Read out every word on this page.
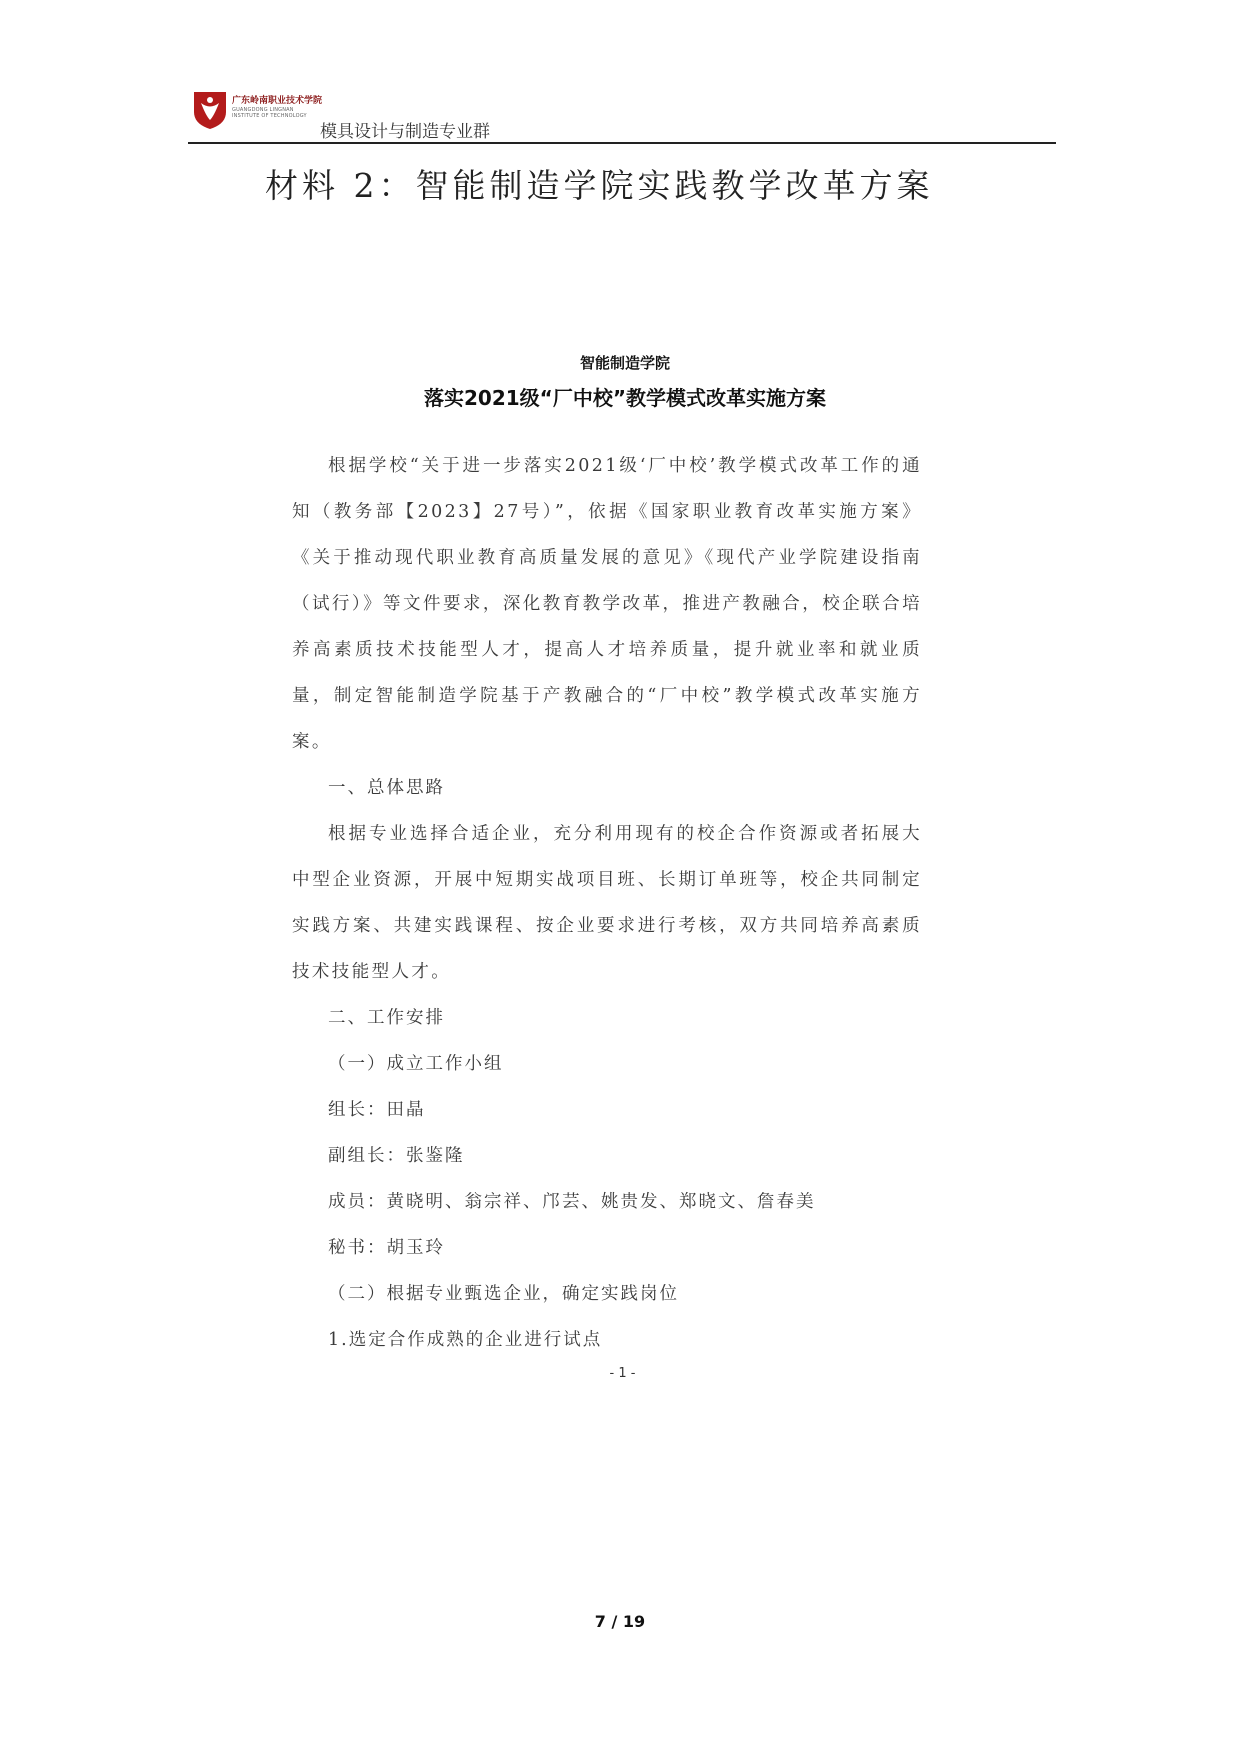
广东岭南职业技术学院
GUANGDONG LINGNAN
INSTITUTE OF TECHNOLOGY
模具设计与制造专业群
材料 2：智能制造学院实践教学改革方案
智能制造学院
落实2021级“厂中校”教学模式改革实施方案

根据学校“关于进一步落实2021级‘厂中校’教学模式改革工作的通知（教务部【2023】27号）”，依据《国家职业教育改革实施方案》《关于推动现代职业教育高质量发展的意见》《现代产业学院建设指南（试行）》等文件要求，深化教育教学改革，推进产教融合，校企联合培养高素质技术技能型人才，提高人才培养质量，提升就业率和就业质量，制定智能制造学院基于产教融合的“厂中校”教学模式改革实施方案。

一、总体思路

根据专业选择合适企业，充分利用现有的校企合作资源或者拓展大中型企业资源，开展中短期实战项目班、长期订单班等，校企共同制定实践方案、共建实践课程、按企业要求进行考核，双方共同培养高素质技术技能型人才。

二、工作安排

（一）成立工作小组

组长：田晶

副组长：张鉴隆

成员：黄晓明、翁宗祥、邝芸、姚贵发、郑晓文、詹春美

秘书：胡玉玲

（二）根据专业甄选企业，确定实践岗位

1.选定合作成熟的企业进行试点

- 1 -
7 / 19
